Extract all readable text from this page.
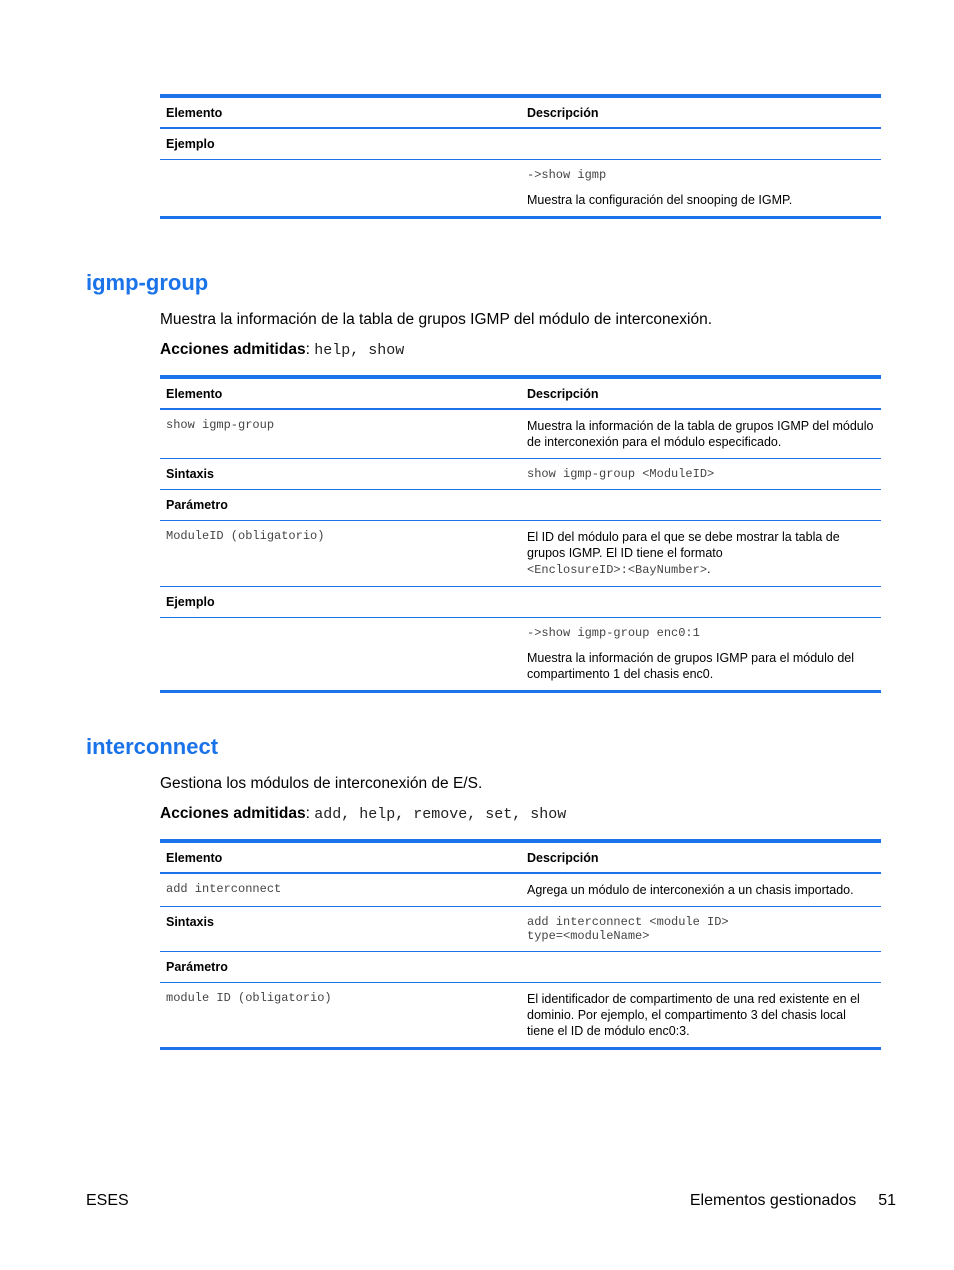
Elemento	Descripción
Ejemplo
->show igmp
Muestra la configuración del snooping de IGMP.
igmp-group

Muestra la información de la tabla de grupos IGMP del módulo de interconexión.

Acciones admitidas: help, show

Elemento	Descripción
show igmp-group	Muestra la información de la tabla de grupos IGMP del módulo de interconexión para el módulo especificado.
Sintaxis	show igmp-group <ModuleID>
Parámetro
ModuleID (obligatorio)	El ID del módulo para el que se debe mostrar la tabla de grupos IGMP. El ID tiene el formato
<EnclosureID>:<BayNumber>.
Ejemplo
->show igmp-group enc0:1
Muestra la información de grupos IGMP para el módulo del compartimento 1 del chasis enc0.
interconnect

Gestiona los módulos de interconexión de E/S.

Acciones admitidas: add, help, remove, set, show

Elemento	Descripción
add interconnect	Agrega un módulo de interconexión a un chasis importado.
Sintaxis	add interconnect <module ID>
type=<moduleName>
Parámetro
module ID (obligatorio)	El identificador de compartimento de una red existente en el dominio. Por ejemplo, el compartimento 3 del chasis local tiene el ID de módulo enc0:3.
ESES	Elementos gestionados 51
